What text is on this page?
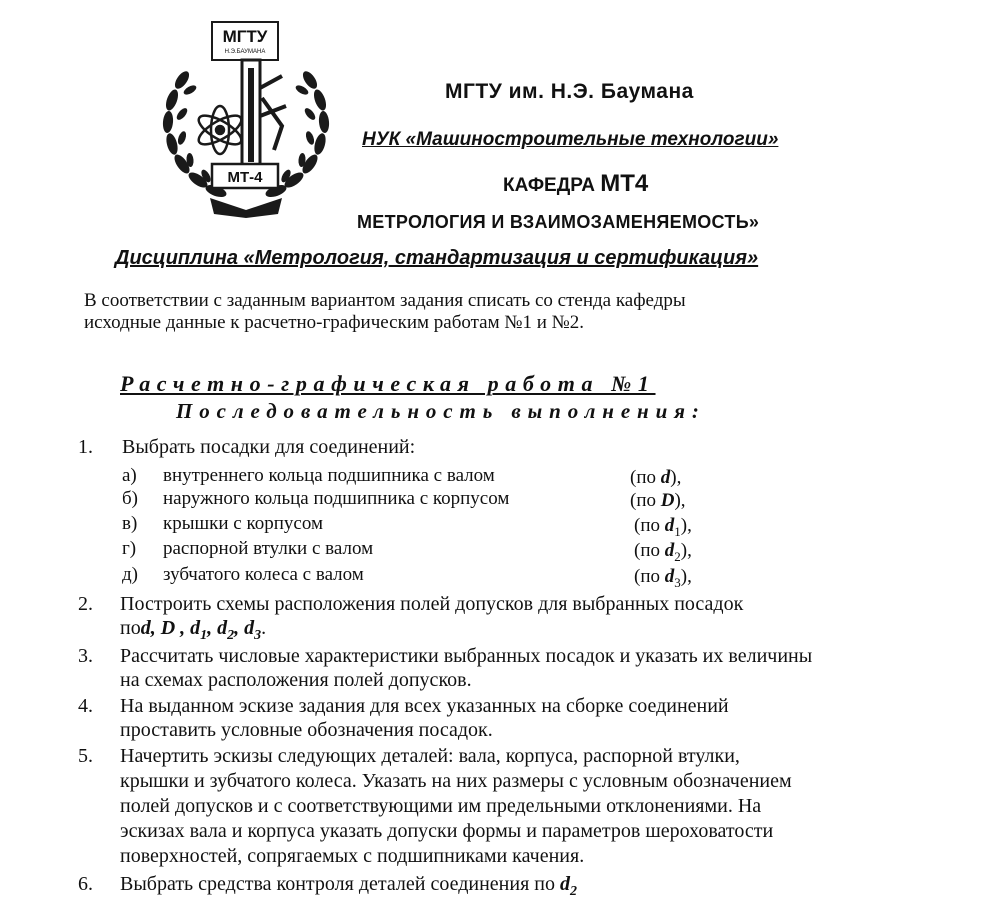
МГТУ
Н.Э.БАУМАНА
МТ-4
МГТУ им. Н.Э. Баумана
НУК «Машиностроительные технологии»
КАФЕДРА МТ4
МЕТРОЛОГИЯ И ВЗАИМОЗАМЕНЯЕМОСТЬ»
Дисциплина «Метрология, стандартизация и сертификация»
В соответствии с заданным вариантом задания списать со стенда кафедры
исходные данные к расчетно-графическим работам №1 и №2.
Расчетно-графическая работа №1
Последовательность выполнения:
1. Выбрать посадки для соединений:
а) внутреннего кольца подшипника с валом	(по d),
б) наружного кольца подшипника с корпусом	(по D),
в) крышки с корпусом	(по $d_1$),
г) распорной втулки с валом	(по $d_2$),
д) зубчатого колеса с валом	(по $d_3$),
2. Построить схемы расположения полей допусков для выбранных посадок
поd, D , $d_1$, $d_2$, $d_3$.
3. Рассчитать числовые характеристики выбранных посадок и указать их величины
на схемах расположения полей допусков.
4. На выданном эскизе задания для всех указанных на сборке соединений
проставить условные обозначения посадок.
5. Начертить эскизы следующих деталей: вала, корпуса, распорной втулки,
крышки и зубчатого колеса. Указать на них размеры с условным обозначением
полей допусков и с соответствующими им предельными отклонениями. На
эскизах вала и корпуса указать допуски формы и параметров шероховатости
поверхностей, сопрягаемых с подшипниками качения.
6. Выбрать средства контроля деталей соединения по $d_2$
